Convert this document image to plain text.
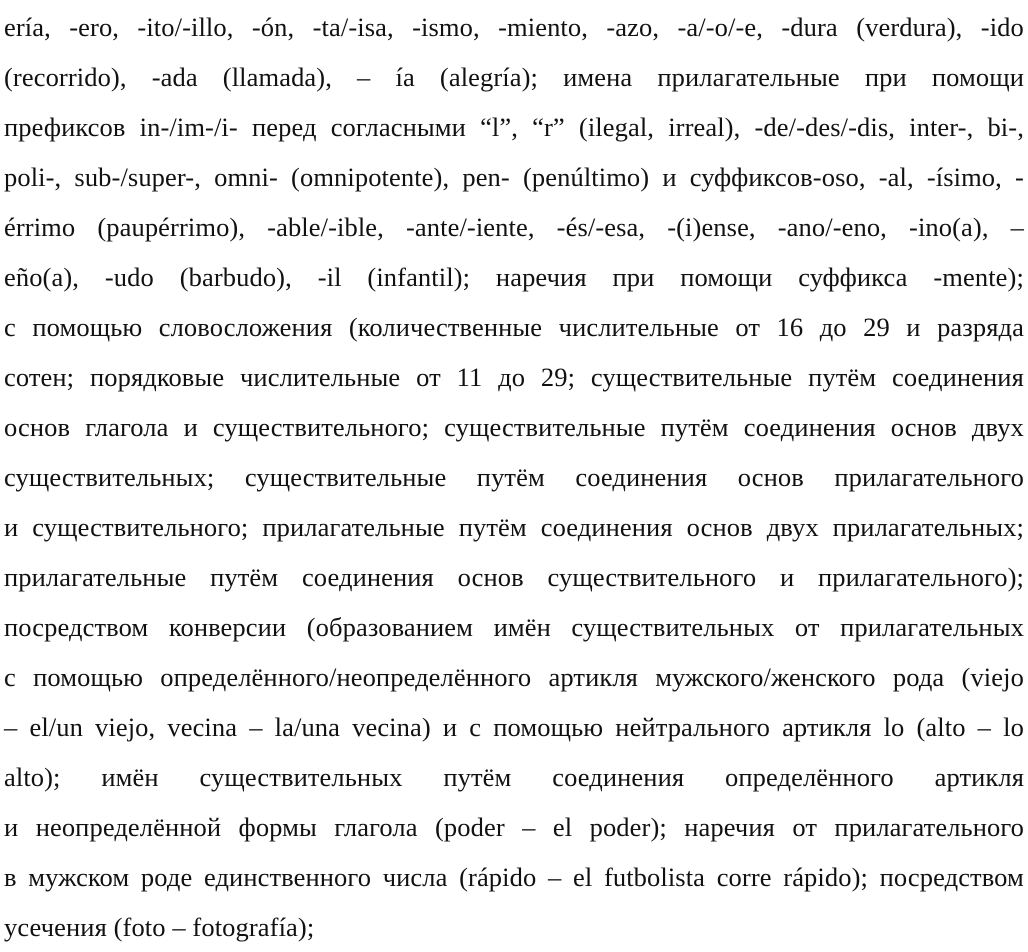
ería, -ero, -ito/-illo, -ón, -ta/-isa, -ismo, -miento, -azo, -a/-o/-e, -dura (verdura), -ido
(recorrido), -ada (llamada), – ía (alegría); имена прилагательные при помощи
префиксов in-/im-/i- перед согласными “l”, “r” (ilegal, irreal), -de/-des/-dis, inter-, bi-,
poli-, sub-/super-, omni- (omnipotente), pen- (penúltimo) и суффиксов-oso, -al, -ísimo, -
érrimo (paupérrimo), -able/-ible, -ante/-iente, -és/-esa, -(i)ense, -ano/-eno, -ino(a), –
eño(a), -udo (barbudo), -il (infantil); наречия при помощи суффикса -mente);
с помощью словосложения (количественные числительные от 16 до 29 и разряда
сотен; порядковые числительные от 11 до 29; существительные путём соединения
основ глагола и существительного; существительные путём соединения основ двух
существительных; существительные путём соединения основ прилагательного
и существительного; прилагательные путём соединения основ двух прилагательных;
прилагательные путём соединения основ существительного и прилагательного);
посредством конверсии (образованием имён существительных от прилагательных
с помощью определённого/неопределённого артикля мужского/женского рода (viejo
– el/un viejo, vecina – la/una vecina) и с помощью нейтрального артикля lo (alto – lo
alto); имён существительных путём соединения определённого артикля
и неопределённой формы глагола (poder – el poder); наречия от прилагательного
в мужском роде единственного числа (rápido – el futbolista corre rápido); посредством
усечения (foto – fotografía);
